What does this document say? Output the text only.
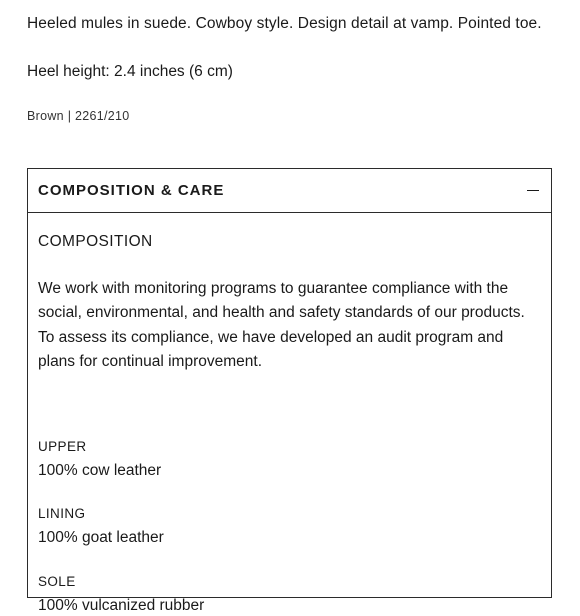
Heeled mules in suede. Cowboy style. Design detail at vamp. Pointed toe.

Heel height: 2.4 inches (6 cm)

Brown | 2261/210

COMPOSITION & CARE
COMPOSITION

We work with monitoring programs to guarantee compliance with the
social, environmental, and health and safety standards of our products.
To assess its compliance, we have developed an audit program and
plans for continual improvement.

UPPER
100% cow leather
LINING
100% goat leather
SOLE
100% vulcanized rubber
